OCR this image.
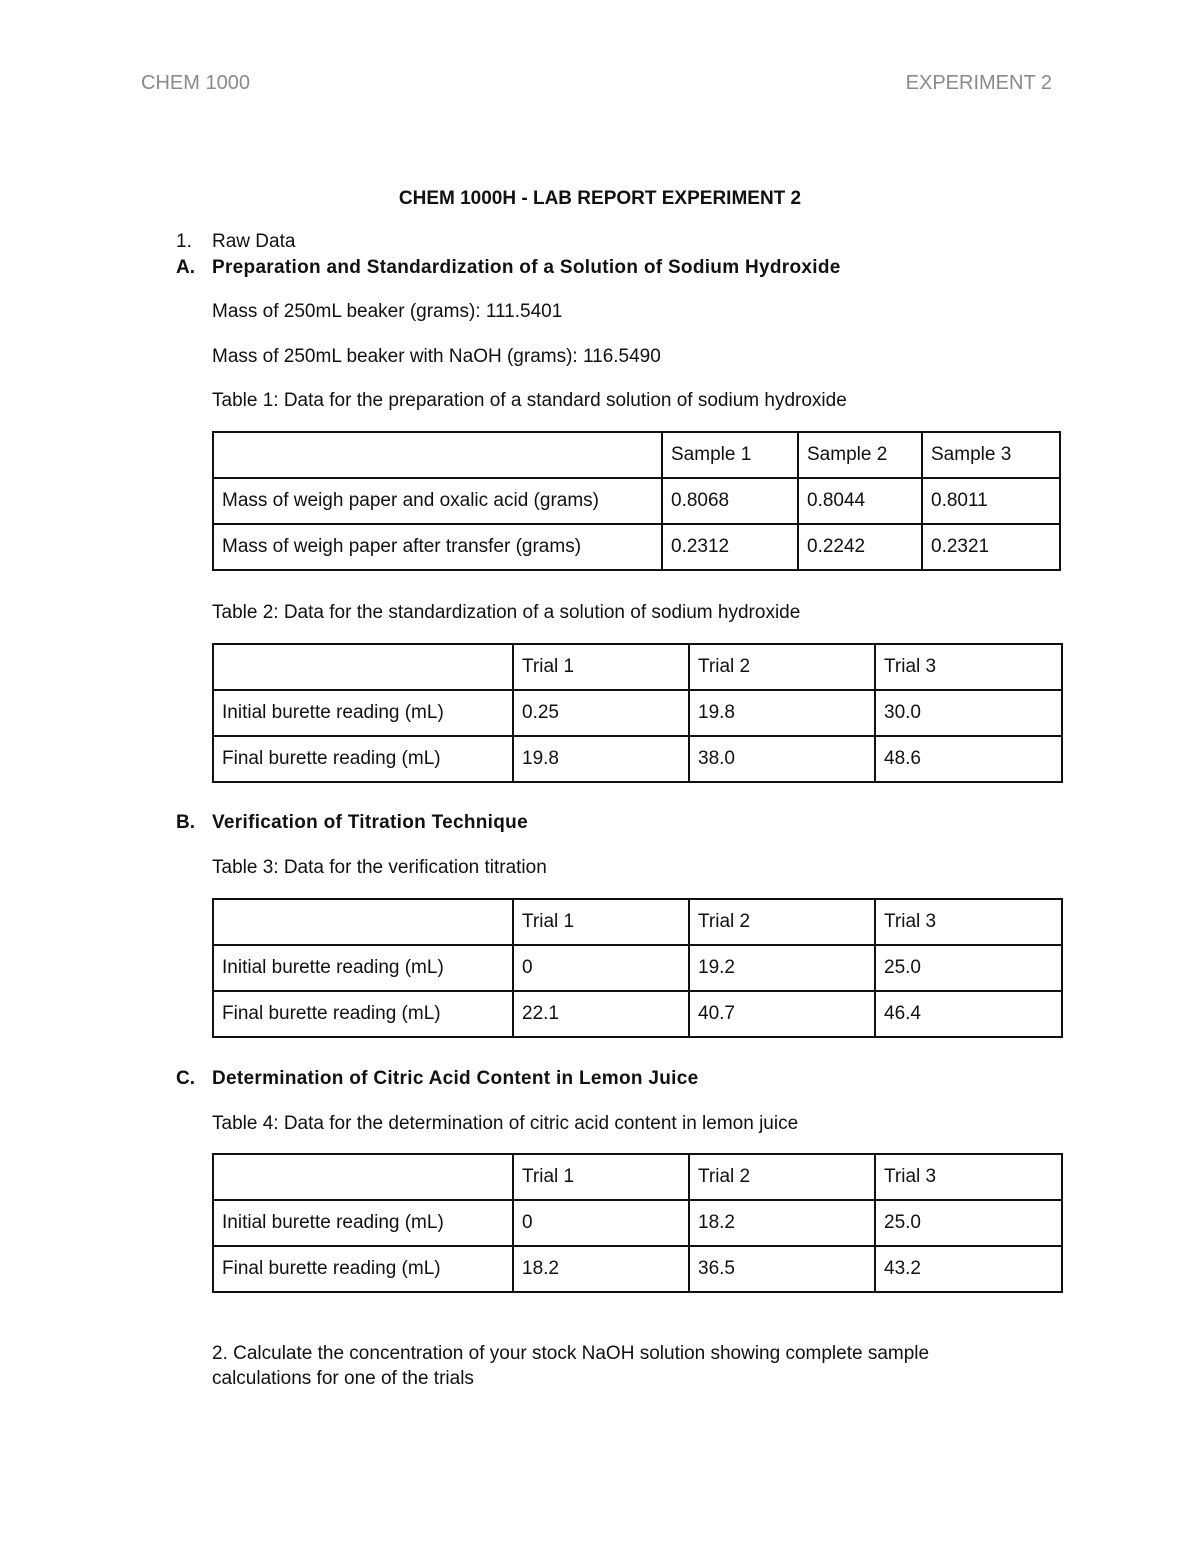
CHEM 1000	EXPERIMENT 2
CHEM 1000H - LAB REPORT EXPERIMENT 2
1. Raw Data
A. Preparation and Standardization of a Solution of Sodium Hydroxide
Mass of 250mL beaker (grams): 111.5401
Mass of 250mL beaker with NaOH (grams): 116.5490
Table 1: Data for the preparation of a standard solution of sodium hydroxide
	Sample 1	Sample 2	Sample 3
Mass of weigh paper and oxalic acid (grams)	0.8068	0.8044	0.8011
Mass of weigh paper after transfer (grams)	0.2312	0.2242	0.2321
Table 2: Data for the standardization of a solution of sodium hydroxide
	Trial 1	Trial 2	Trial 3
Initial burette reading (mL)	0.25	19.8	30.0
Final burette reading (mL)	19.8	38.0	48.6
B. Verification of Titration Technique
Table 3: Data for the verification titration
	Trial 1	Trial 2	Trial 3
Initial burette reading (mL)	0	19.2	25.0
Final burette reading (mL)	22.1	40.7	46.4
C. Determination of Citric Acid Content in Lemon Juice
Table 4: Data for the determination of citric acid content in lemon juice
	Trial 1	Trial 2	Trial 3
Initial burette reading (mL)	0	18.2	25.0
Final burette reading (mL)	18.2	36.5	43.2
2. Calculate the concentration of your stock NaOH solution showing complete sample
calculations for one of the trials
